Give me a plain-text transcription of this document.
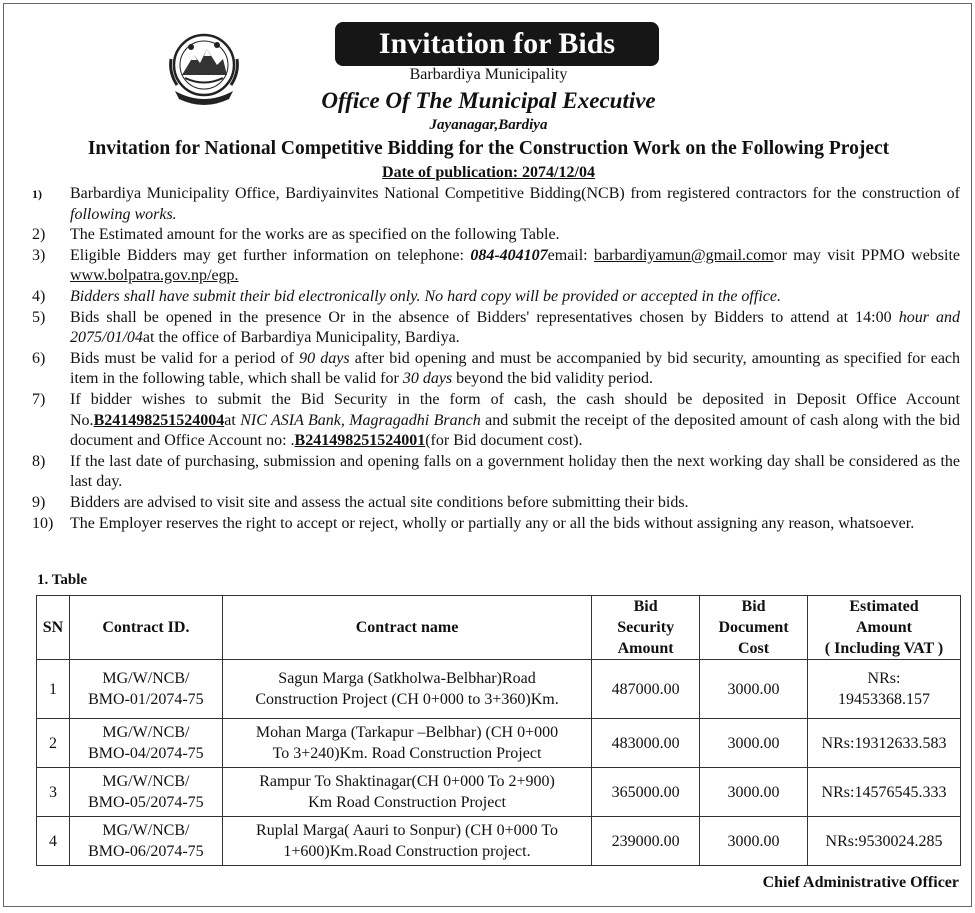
Invitation for Bids
Barbardiya Municipality
Office Of The Municipal Executive
Jayanagar,Bardiya
Invitation for National Competitive Bidding for the Construction Work on the Following Project
Date of publication: 2074/12/04
1)	Barbardiya Municipality Office, Bardiyainvites National Competitive Bidding(NCB) from registered contractors for the construction of following works.
2)	The Estimated amount for the works are as specified on the following Table.
3)	Eligible Bidders may get further information on telephone: 084-404107email: barbardiyamun@gmail.comor may visit PPMO website www.bolpatra.gov.np/egp.
4)	Bidders shall have submit their bid electronically only. No hard copy will be provided or accepted in the office.
5)	Bids shall be opened in the presence Or in the absence of Bidders' representatives chosen by Bidders to attend at 14:00 hour and 2075/01/04at the office of Barbardiya Municipality, Bardiya.
6)	Bids must be valid for a period of 90 days after bid opening and must be accompanied by bid security, amounting as specified for each item in the following table, which shall be valid for 30 days beyond the bid validity period.
7)	If bidder wishes to submit the Bid Security in the form of cash, the cash should be deposited in Deposit Office Account No.B241498251524004at NIC ASIA Bank, Magragadhi Branch and submit the receipt of the deposited amount of cash along with the bid document and Office Account no: .B241498251524001(for Bid document cost).
8)	If the last date of purchasing, submission and opening falls on a government holiday then the next working day shall be considered as the last day.
9)	Bidders are advised to visit site and assess the actual site conditions before submitting their bids.
10)	The Employer reserves the right to accept or reject, wholly or partially any or all the bids without assigning any reason, whatsoever.
1. Table
SN	Contract ID.	Contract name	Bid
Security
Amount	Bid
Document
Cost	Estimated
Amount
( Including VAT )
1	MG/W/NCB/
BMO-01/2074-75	Sagun Marga (Satkholwa-Belbhar)Road
Construction Project (CH 0+000 to 3+360)Km.	487000.00	3000.00	NRs:
19453368.157
2	MG/W/NCB/
BMO-04/2074-75	Mohan Marga (Tarkapur –Belbhar) (CH 0+000
To 3+240)Km. Road Construction Project	483000.00	3000.00	NRs:19312633.583
3	MG/W/NCB/
BMO-05/2074-75	Rampur To Shaktinagar(CH 0+000 To 2+900)
Km Road Construction Project	365000.00	3000.00	NRs:14576545.333
4	MG/W/NCB/
BMO-06/2074-75	Ruplal Marga( Aauri to Sonpur) (CH 0+000 To
1+600)Km.Road Construction project.	239000.00	3000.00	NRs:9530024.285
Chief Administrative Officer
